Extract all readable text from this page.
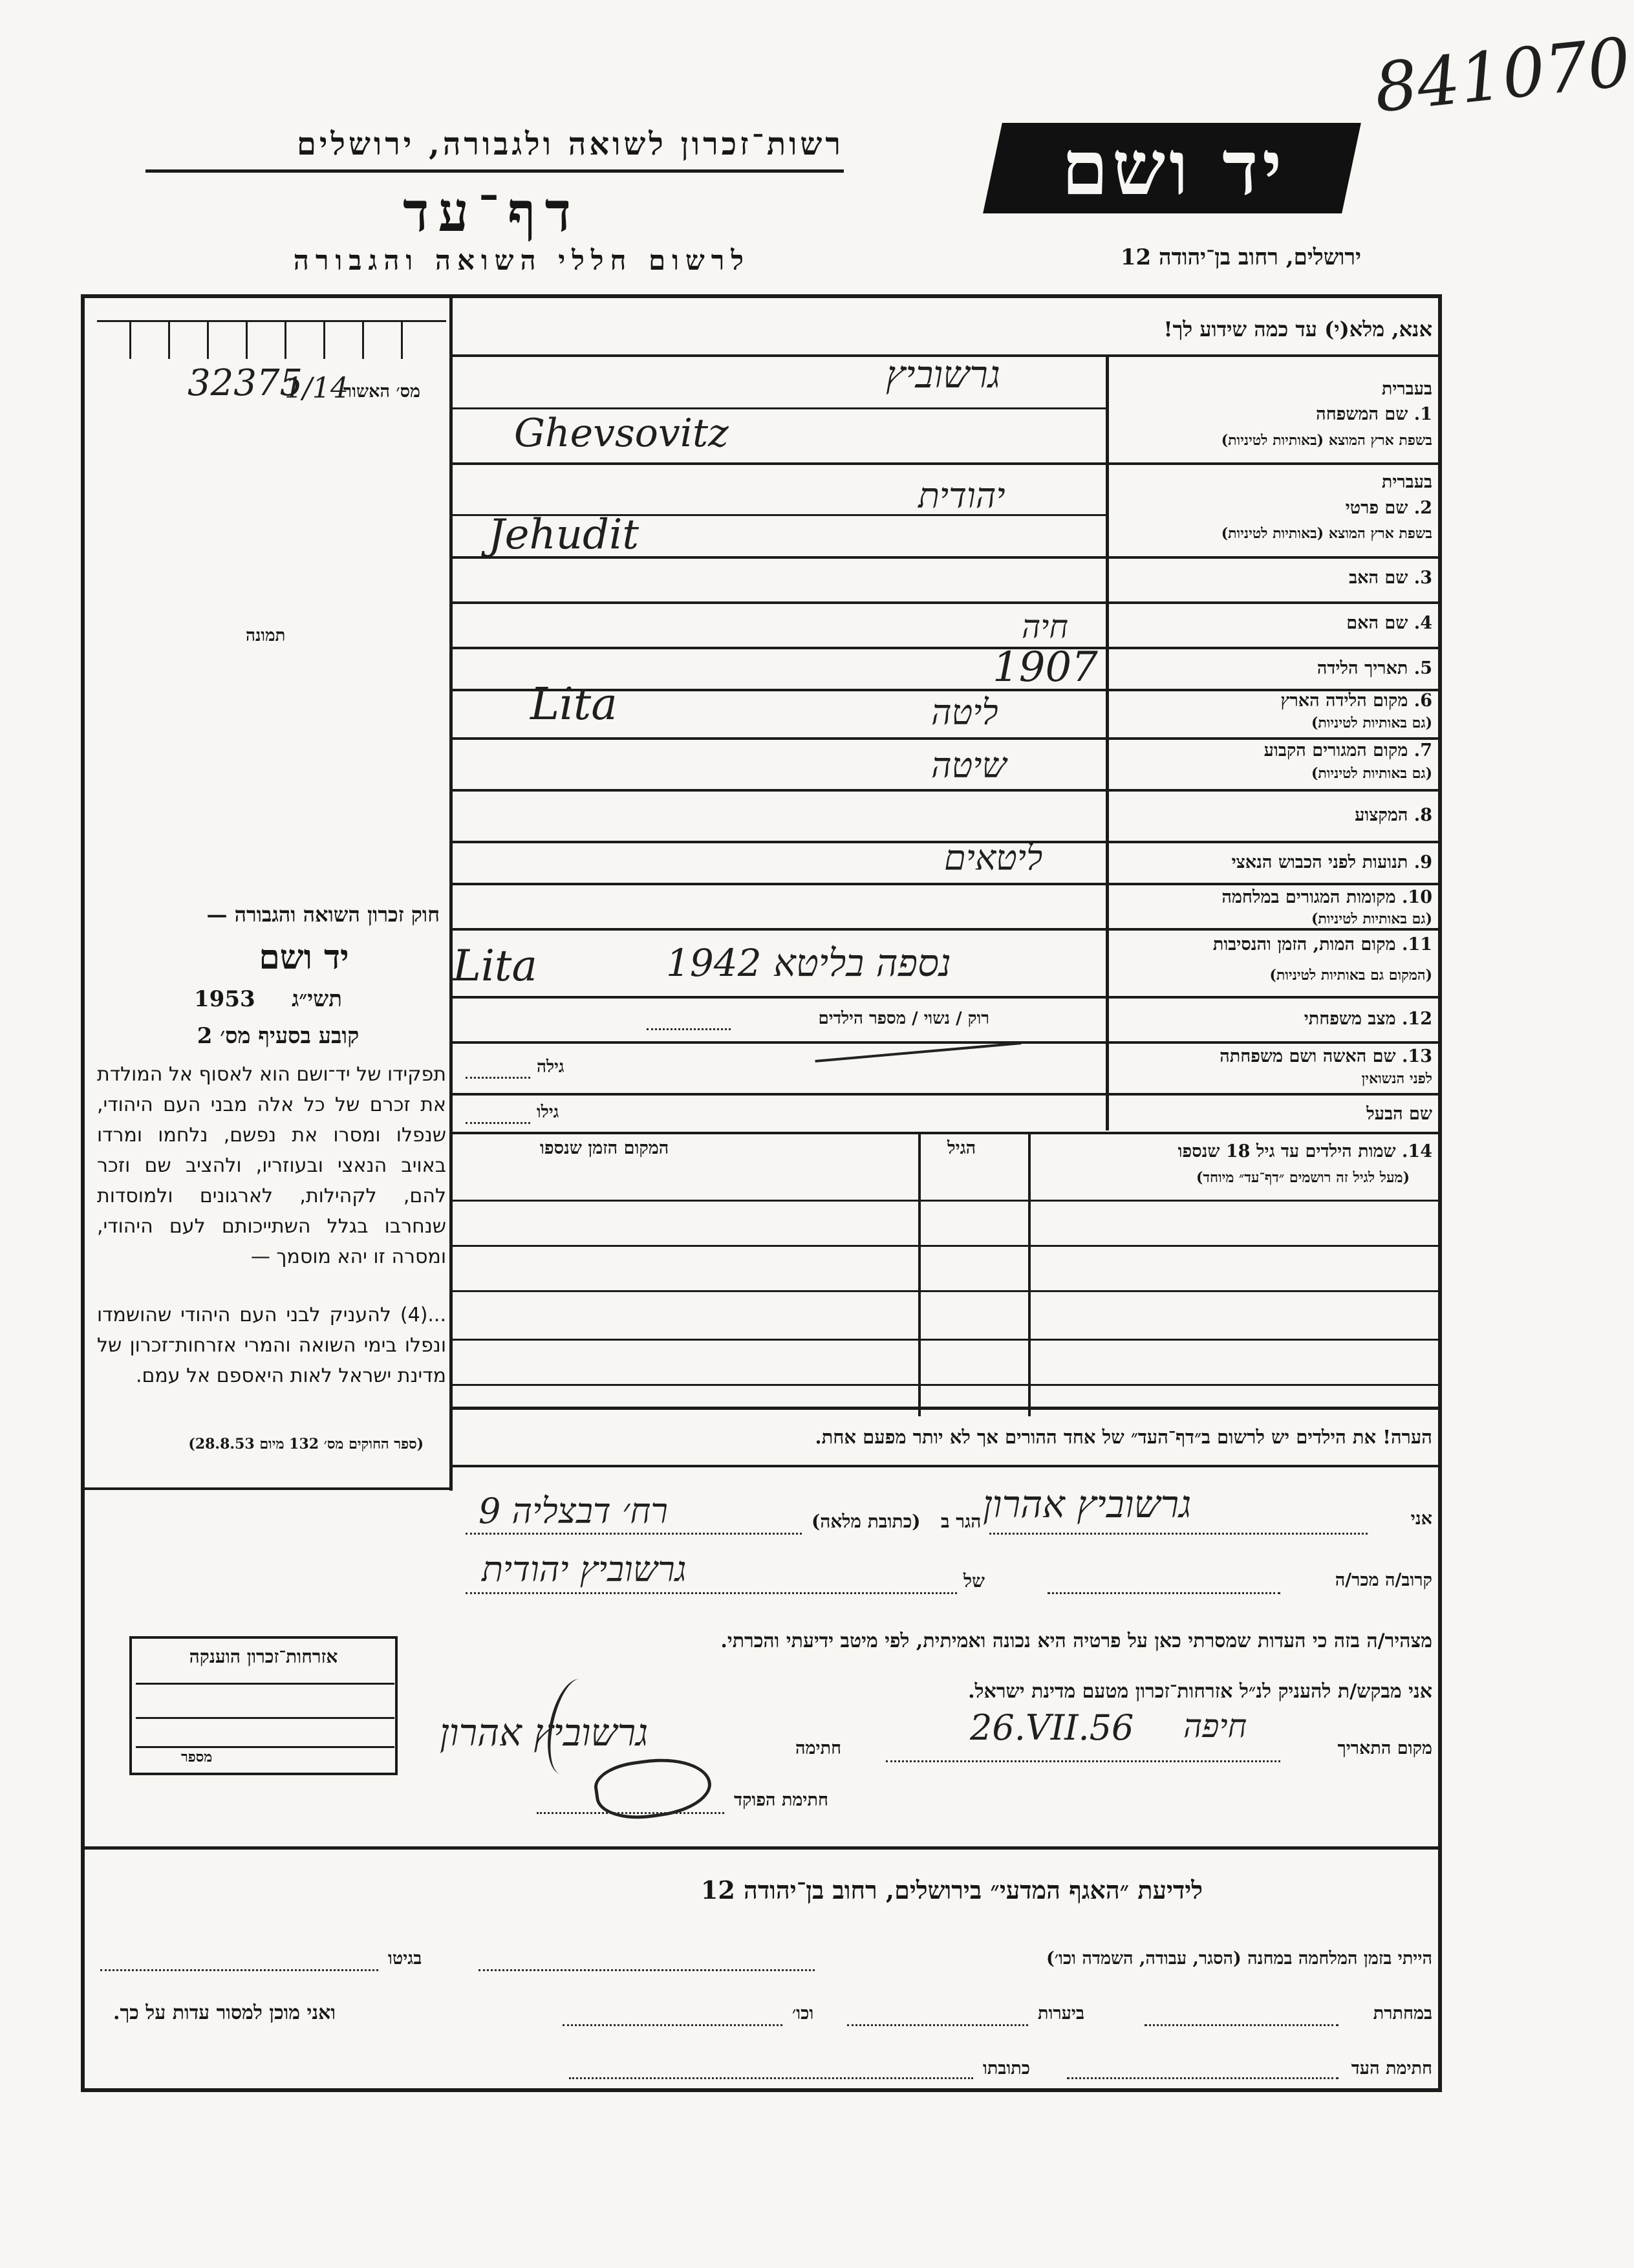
841070
רשות־זכרון לשואה ולגבורה, ירושלים
דף־עד
לרשום חללי השואה והגבורה
יד ושם
ירושלים, רחוב בן־יהודה 12
מס׳ האשור
32375
1/14
תמונה
חוק זכרון השואה והגבורה —
יד ושם
תשי״ג
1953
קובע בסעיף מס׳ 2
תפקידו של יד־ושם הוא לאסוף אל המולדת את זכרם של כל אלה מבני העם היהודי, שנפלו ומסרו את נפשם, נלחמו ומרדו באויב הנאצי ובעוזריו, ולהציב שם וזכר להם, לקהילות, לארגונים ולמוסדות שנחרבו בגלל השתייכותם לעם היהודי, ומסרה זו יהא מוסמך —
...(4) להעניק לבני העם היהודי שהושמדו ונפלו בימי השואה והמרי אזרחות־זכרון של מדינת ישראל לאות היאספם אל עמם.
(ספר החוקים מס׳ 132 מיום 28.8.53)
אנא, מלא(י) עד כמה שידוע לך!
בעברית
1. שם המשפחה
בשפת ארץ המוצא (באותיות לטיניות)
בעברית
2. שם פרטי
בשפת ארץ המוצא (באותיות לטיניות)
3. שם האב
4. שם האם
5. תאריך הלידה
6. מקום הלידה הארץ
(גם באותיות לטיניות)
7. מקום המגורים הקבוע
(גם באותיות לטיניות)
8. המקצוע
9. תנועות לפני הכבוש הנאצי
10. מקומות המגורים במלחמה
(גם באותיות לטיניות)
11. מקום המות, הזמן והנסיבות
(המקום גם באותיות לטיניות)
12. מצב משפחתי
13. שם האשה ושם משפחתה
לפני הנשואין
שם הבעל
גרשוביץ
Ghevsovitz
יהודית
Jehudit
חיה
1907
Lita	ליטה
שיטה
ליטאים
Lita	נספה בליטא 1942
רוק / נשוי / מספר הילדים
גילה
גילו
14. שמות הילדים עד גיל 18 שנספו
(מעל לגיל זה רושמים ״דף־עד״ מיוחד)
הגיל
המקום הזמן שנספו
הערה! את הילדים יש לרשום ב״דף־העד״ של אחד ההורים אך לא יותר מפעם אחת.
אני
גרשוביץ אהרון
הגר ב
(כתובת מלאה)
רח׳ דבצליה 9
קרוב/ה מכר/ה
של
גרשוביץ יהודית
מצהיר/ה בזה כי העדות שמסרתי כאן על פרטיה היא נכונה ואמיתית, לפי מיטב ידיעתי והכרתי.
אני מבקש/ת להעניק לנ״ל אזרחות־זכרון מטעם מדינת ישראל.
מקום התאריך
חיפה
26.VII.56
חתימה
גרשוביץ אהרון
חתימת הפוקד
אזרחות־זכרון הוענקה
מספר
לידיעת ״האגף המדעי״ בירושלים, רחוב בן־יהודה 12
הייתי בזמן המלחמה במחנה (הסגר, עבודה, השמדה וכו׳)
בגיטו
במחתרת
ביערות
וכו׳
ואני מוכן למסור עדות על כך.
חתימת העד
כתובתו
